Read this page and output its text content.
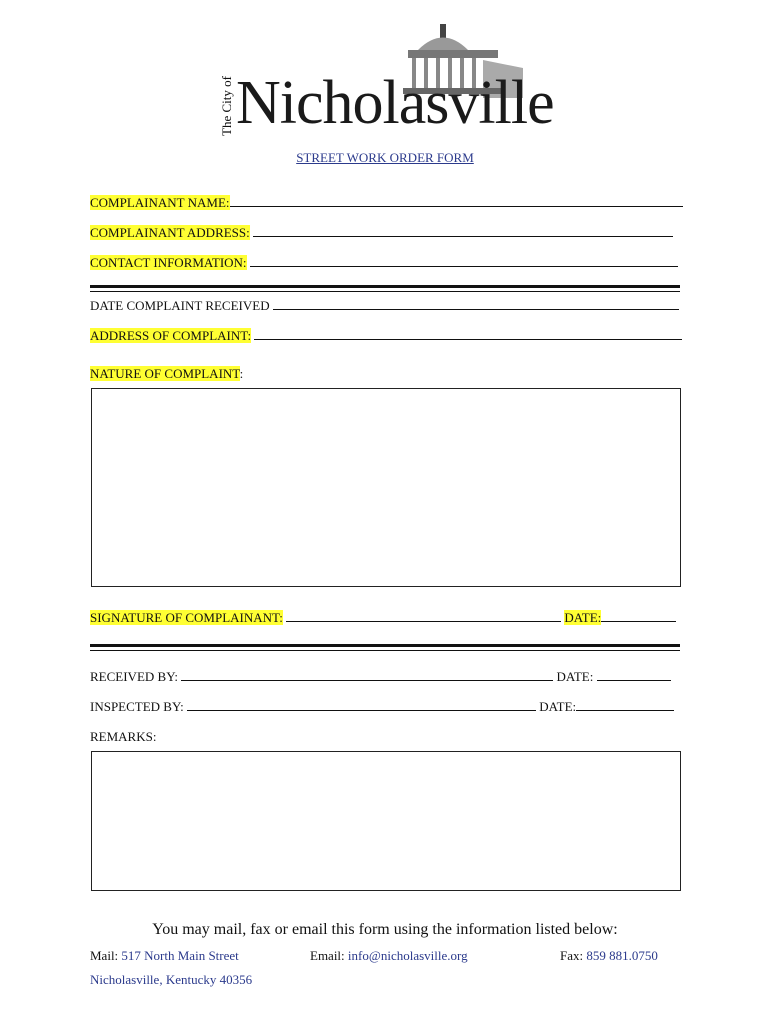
The City of Nicholasville
STREET WORK ORDER FORM
COMPLAINANT NAME:
COMPLAINANT ADDRESS:
CONTACT INFORMATION:
DATE COMPLAINT RECEIVED
ADDRESS OF COMPLAINT:
NATURE OF COMPLAINT:
SIGNATURE OF COMPLAINANT:	DATE:
RECEIVED BY:	DATE:
INSPECTED BY:	DATE:
REMARKS:
You may mail, fax or email this form using the information listed below:
Mail: 517 North Main Street
Nicholasville, Kentucky 40356
Email: info@nicholasville.org	Fax: 859 881.0750
